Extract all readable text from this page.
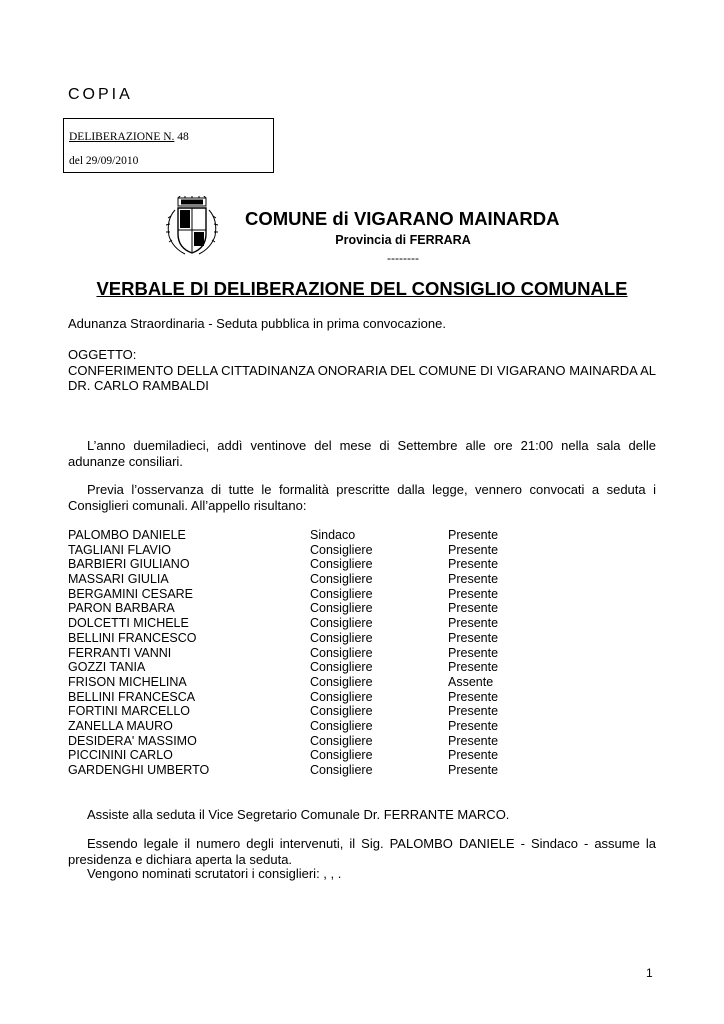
COPIA
DELIBERAZIONE N. 48
del 29/09/2010
COMUNE di VIGARANO MAINARDA
Provincia di FERRARA
--------
VERBALE DI DELIBERAZIONE DEL CONSIGLIO COMUNALE
Adunanza Straordinaria - Seduta pubblica in prima convocazione.
OGGETTO:
CONFERIMENTO DELLA CITTADINANZA ONORARIA DEL COMUNE DI VIGARANO MAINARDA AL DR. CARLO RAMBALDI
L’anno duemiladieci, addì ventinove del mese di Settembre alle ore 21:00 nella sala delle adunanze consiliari.
Previa l’osservanza di tutte le formalità prescritte dalla legge, vennero convocati a seduta i Consiglieri comunali. All’appello risultano:
PALOMBO DANIELE	Sindaco	Presente
TAGLIANI FLAVIO	Consigliere	Presente
BARBIERI GIULIANO	Consigliere	Presente
MASSARI GIULIA	Consigliere	Presente
BERGAMINI CESARE	Consigliere	Presente
PARON BARBARA	Consigliere	Presente
DOLCETTI MICHELE	Consigliere	Presente
BELLINI FRANCESCO	Consigliere	Presente
FERRANTI VANNI	Consigliere	Presente
GOZZI TANIA	Consigliere	Presente
FRISON MICHELINA	Consigliere	Assente
BELLINI FRANCESCA	Consigliere	Presente
FORTINI MARCELLO	Consigliere	Presente
ZANELLA MAURO	Consigliere	Presente
DESIDERA' MASSIMO	Consigliere	Presente
PICCININI CARLO	Consigliere	Presente
GARDENGHI UMBERTO	Consigliere	Presente
Assiste alla seduta il Vice Segretario Comunale Dr. FERRANTE MARCO.
Essendo legale il numero degli intervenuti, il Sig. PALOMBO DANIELE - Sindaco - assume la presidenza e dichiara aperta la seduta.
Vengono nominati scrutatori i consiglieri: , , .
1
